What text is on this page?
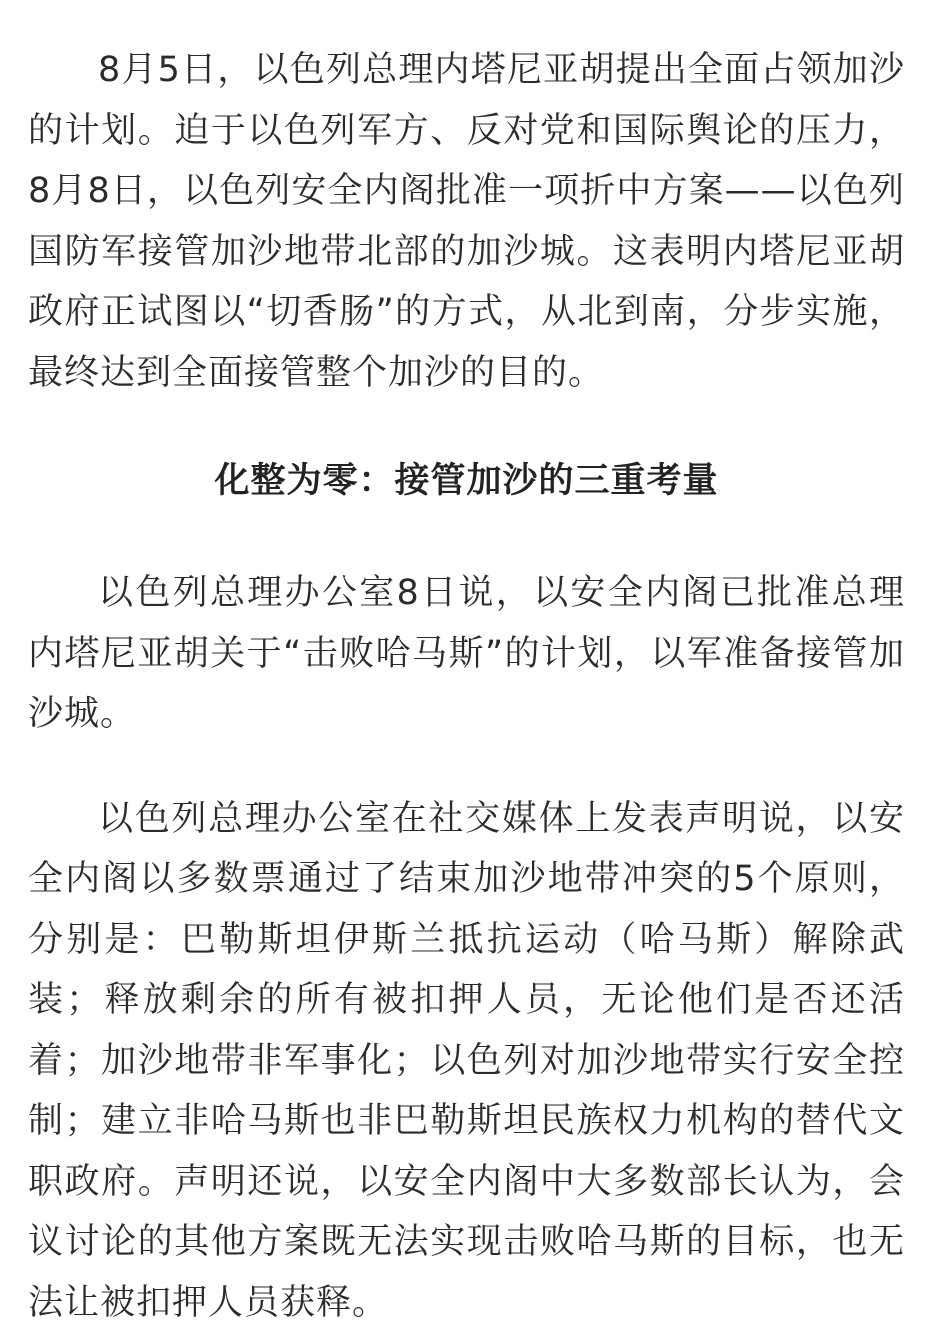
8月5日，以色列总理内塔尼亚胡提出全面占领加沙的计划。迫于以色列军方、反对党和国际舆论的压力，8月8日，以色列安全内阁批准一项折中方案——以色列国防军接管加沙地带北部的加沙城。这表明内塔尼亚胡政府正试图以“切香肠”的方式，从北到南，分步实施，最终达到全面接管整个加沙的目的。

化整为零：接管加沙的三重考量

以色列总理办公室8日说，以安全内阁已批准总理内塔尼亚胡关于“击败哈马斯”的计划，以军准备接管加沙城。

以色列总理办公室在社交媒体上发表声明说，以安全内阁以多数票通过了结束加沙地带冲突的5个原则，分别是：巴勒斯坦伊斯兰抵抗运动（哈马斯）解除武装；释放剩余的所有被扣押人员，无论他们是否还活着；加沙地带非军事化；以色列对加沙地带实行安全控制；建立非哈马斯也非巴勒斯坦民族权力机构的替代文职政府。声明还说，以安全内阁中大多数部长认为，会议讨论的其他方案既无法实现击败哈马斯的目标，也无法让被扣押人员获释。
